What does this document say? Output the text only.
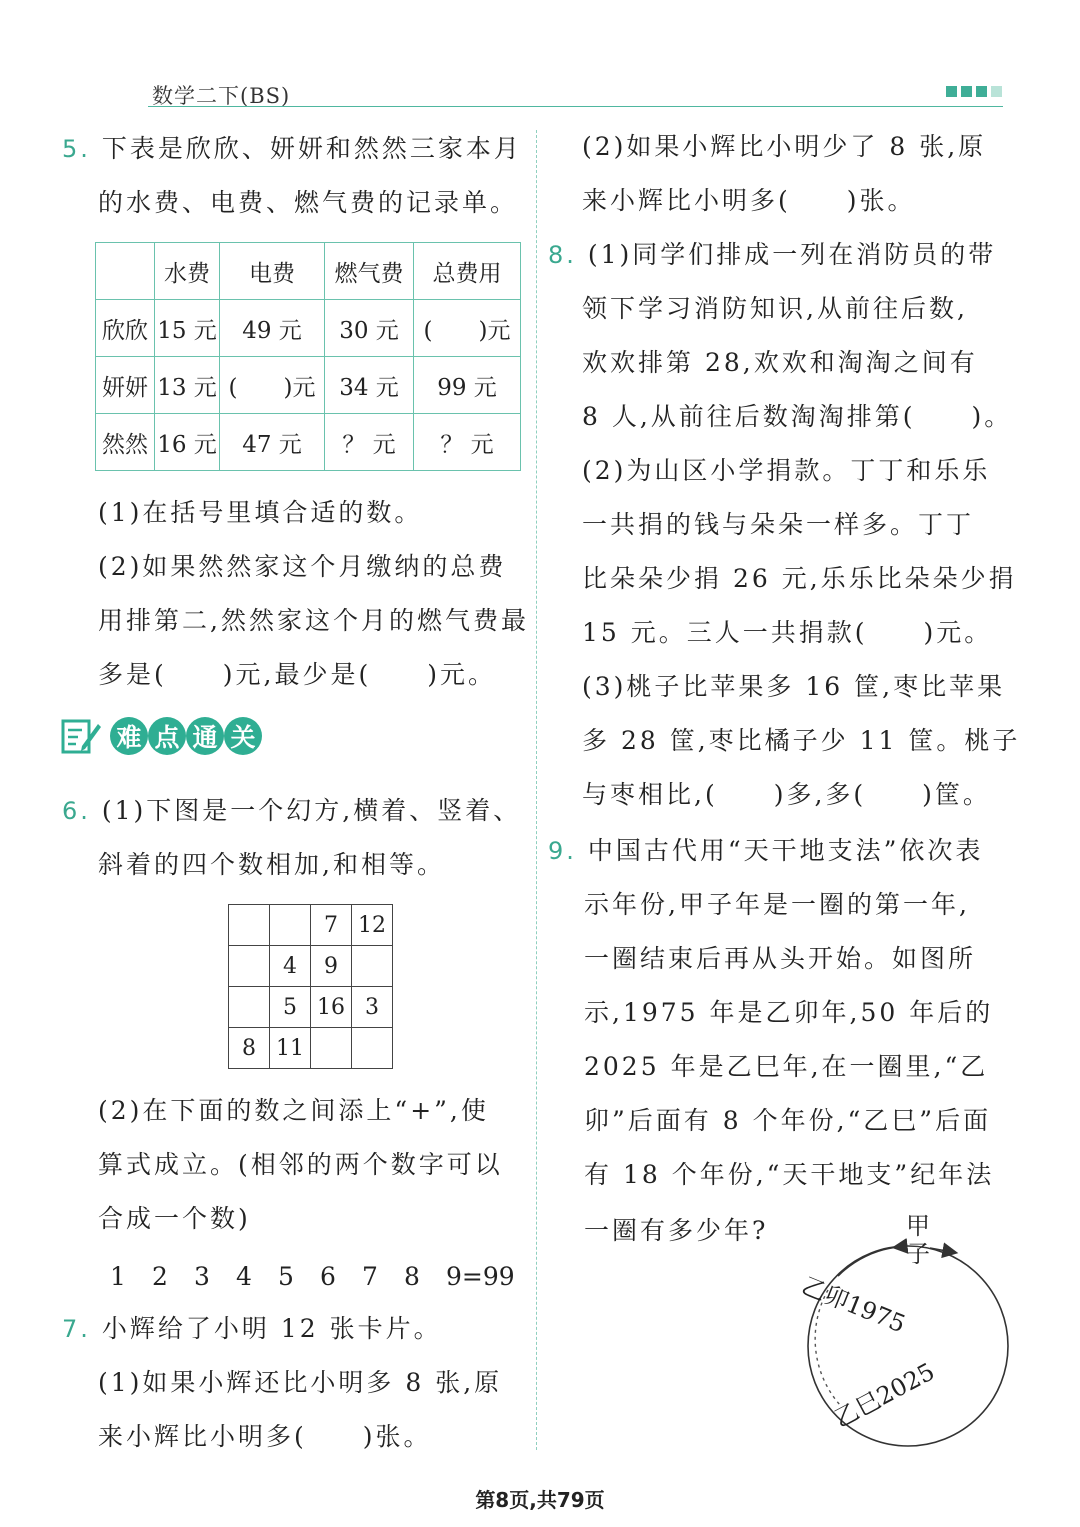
数学二下(BS)
5. 下表是欣欣、妍妍和然然三家本月
的水费、电费、燃气费的记录单。
	水费	电费	燃气费	总费用
欣欣	15 元	49 元	30 元	(　　)元
妍妍	13 元	(　　)元	34 元	99 元
然然	16 元	47 元	？ 元	？ 元
(1)在括号里填合适的数。
(2)如果然然家这个月缴纳的总费
用排第二,然然家这个月的燃气费最
多是(　　)元,最少是(　　)元。
难 点 通 关
6. (1)下图是一个幻方,横着、竖着、
斜着的四个数相加,和相等。
		7	12
	4	9	
	5	16	3
8	11		
(2)在下面的数之间添上“+”,使
算式成立。(相邻的两个数字可以
合成一个数)
1	2	3	4	5	6	7	8	9=99
7. 小辉给了小明 12 张卡片。
(1)如果小辉还比小明多 8 张,原
来小辉比小明多(　　)张。
(2)如果小辉比小明少了 8 张,原
来小辉比小明多(　　)张。
8. (1)同学们排成一列在消防员的带
领下学习消防知识,从前往后数,
欢欢排第 28,欢欢和淘淘之间有
8 人,从前往后数淘淘排第(　　)。
(2)为山区小学捐款。丁丁和乐乐
一共捐的钱与朵朵一样多。丁丁
比朵朵少捐 26 元,乐乐比朵朵少捐
15 元。三人一共捐款(　　)元。
(3)桃子比苹果多 16 筐,枣比苹果
多 28 筐,枣比橘子少 11 筐。桃子
与枣相比,(　　)多,多(　　)筐。
9. 中国古代用“天干地支法”依次表
示年份,甲子年是一圈的第一年,
一圈结束后再从头开始。如图所
示,1975 年是乙卯年,50 年后的
2025 年是乙巳年,在一圈里,“乙
卯”后面有 8 个年份,“乙巳”后面
有 18 个年份,“天干地支”纪年法
一圈有多少年?	甲
子
乙卯1975
乙巳2025
第8页,共79页
